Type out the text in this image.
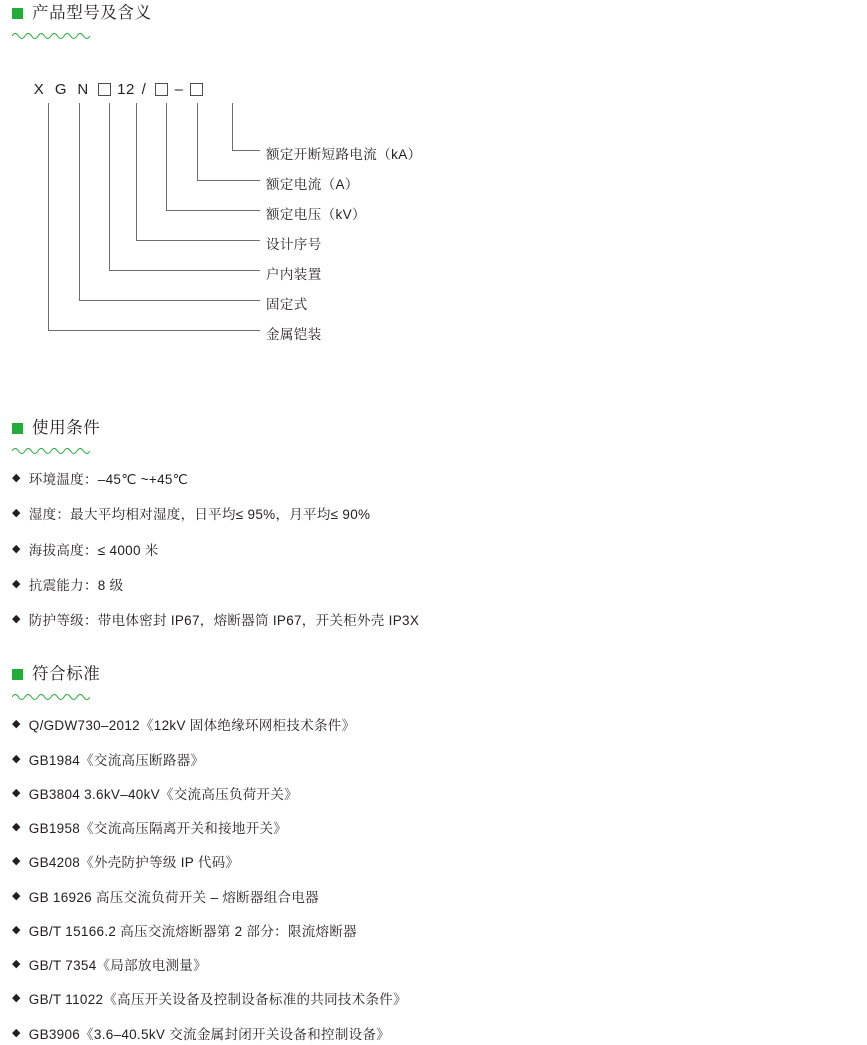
产品型号及含义
X G N	12 /	–
额定开断短路电流（kA）
额定电流（A）
额定电压（kV）
设计序号
户内装置
固定式
金属铠装
使用条件
◆ 环境温度：–45℃ ~+45℃
◆ 湿度：最大平均相对湿度，日平均≤ 95%，月平均≤ 90%
◆ 海拔高度：≤ 4000 米
◆ 抗震能力：8 级
◆ 防护等级：带电体密封 IP67，熔断器筒 IP67，开关柜外壳 IP3X
符合标准
◆ Q/GDW730–2012《12kV 固体绝缘环网柜技术条件》
◆ GB1984《交流高压断路器》
◆ GB3804 3.6kV–40kV《交流高压负荷开关》
◆ GB1958《交流高压隔离开关和接地开关》
◆ GB4208《外壳防护等级 IP 代码》
◆ GB 16926 高压交流负荷开关 – 熔断器组合电器
◆ GB/T 15166.2 高压交流熔断器第 2 部分：限流熔断器
◆ GB/T 7354《局部放电测量》
◆ GB/T 11022《高压开关设备及控制设备标准的共同技术条件》
◆ GB3906《3.6–40.5kV 交流金属封闭开关设备和控制设备》
